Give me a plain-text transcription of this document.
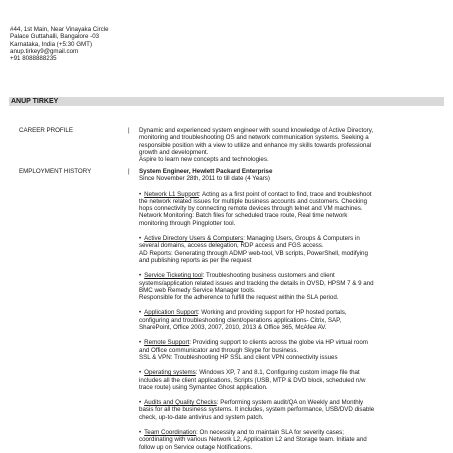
#44, 1st Main, Near Vinayaka Circle
Palace Guttahalli, Bangalore -03
Karnataka, India (+5:30 GMT)
anup.tirkey9@gmail.com
+91 8088888235
ANUP TIRKEY
CAREER PROFILE	| Dynamic and experienced system engineer with sound knowledge of Active Directory,

monitoring and troubleshooting OS and network communication systems. Seeking a

responsible position with a view to utilize and enhance my skills towards professional

growth and development.

Aspire to learn new concepts and technologies.

EMPLOYMENT HISTORY	| System Engineer, Hewlett Packard Enterprise

Since November 28th, 2011 to till date (4 Years)

• Network L1 Support: Acting as a first point of contact to find, trace and troubleshoot

the network related issues for multiple business accounts and customers. Checking

hops connectivity by connecting remote devices through telnet and VM machines.

Network Monitoring: Batch files for scheduled trace route, Real time network

monitoring through Pingplotter tool.

• Active Directory Users & Computers: Managing Users, Groups & Computers in

several domains, access delegation, RDP access and FGS access.

AD Reports: Generating through ADMP web-tool, VB scripts, PowerShell, modifying

and publishing reports as per the request

• Service Ticketing tool: Troubleshooting business customers and client

systems/application related issues and tracking the details in OVSD, HPSM 7 & 9 and

BMC web Remedy Service Manager tools.

Responsible for the adherence to fulfill the request within the SLA period.

• Application Support: Working and providing support for HP hosted portals,

configuring and troubleshooting client/operations applications- Citrix, SAP,

SharePoint, Office 2003, 2007, 2010, 2013 & Office 365, McAfee AV.

• Remote Support: Providing support to clients across the globe via HP virtual room

and Office communicator and through Skype for business.

SSL & VPN: Troubleshooting HP SSL and client VPN connectivity issues

• Operating systems: Windows XP, 7 and 8.1, Configuring custom image file that

includes all the client applications, Scripts (USB, MTP & DVD block, scheduled n/w

trace route) using Symantec Ghost application.

• Audits and Quality Checks: Performing system audit/QA on Weekly and Monthly

basis for all the business systems. It includes, system performance, USB/DVD disable

check, up-to-date antivirus and system patch.

• Team Coordination: On necessity and to maintain SLA for severity cases;

coordinating with various Network L2, Application L2 and Storage team. Initiate and

follow up on Service outage Notifications.
